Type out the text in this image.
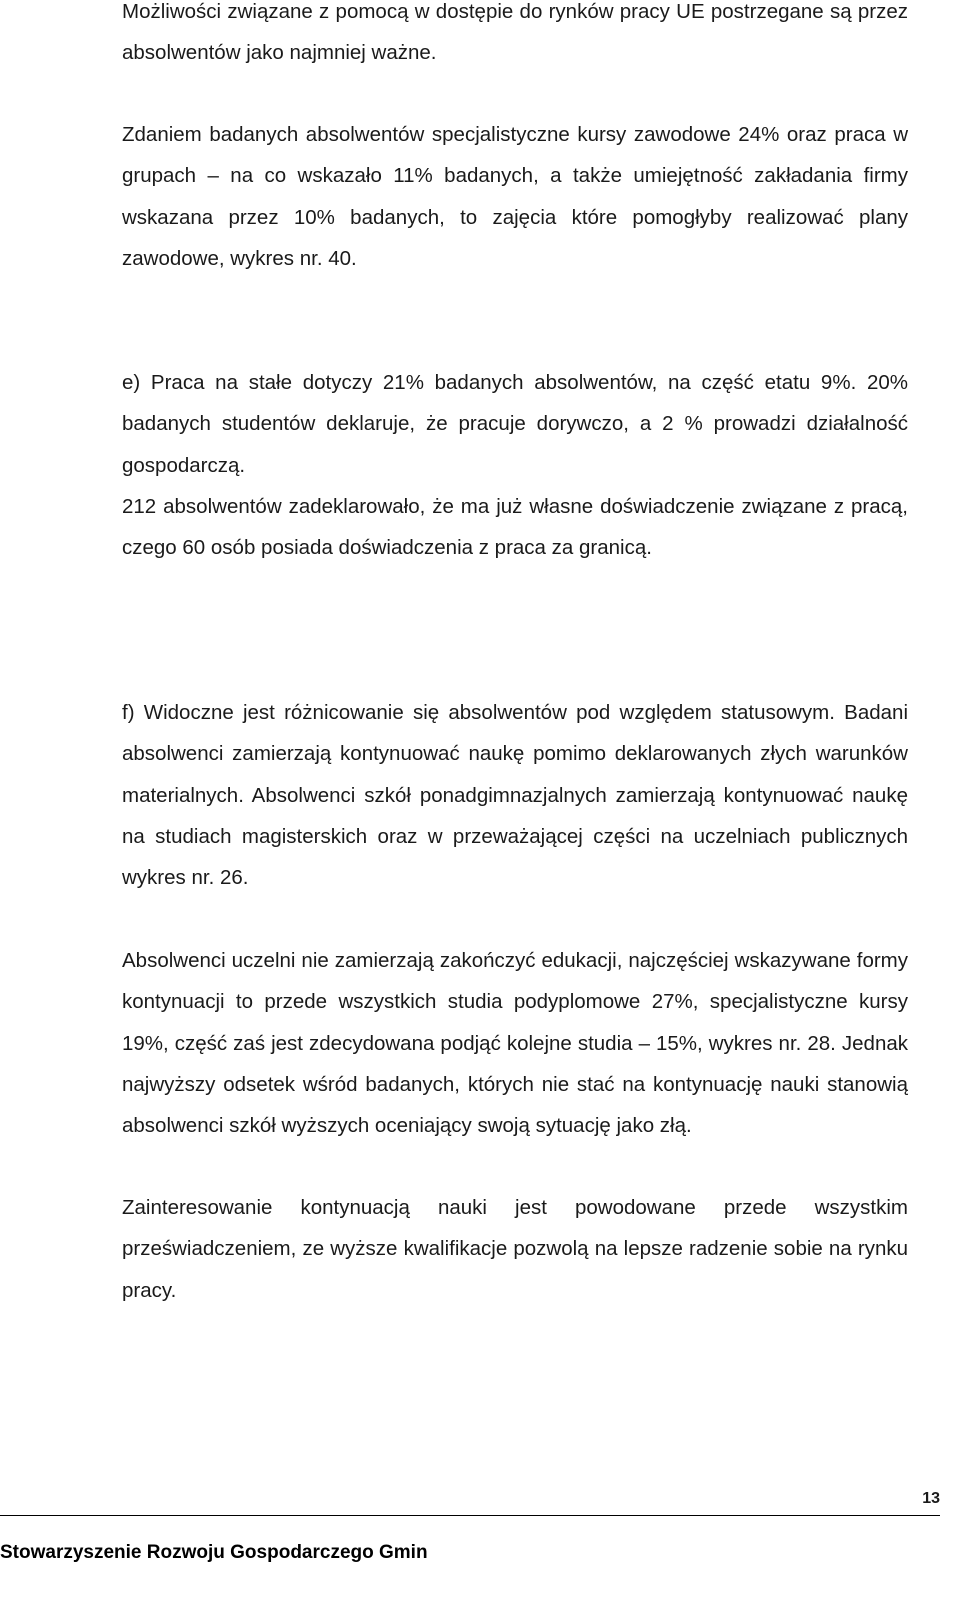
Możliwości związane z pomocą w dostępie do rynków pracy UE postrzegane są przez absolwentów jako najmniej ważne.

Zdaniem badanych absolwentów specjalistyczne kursy zawodowe 24% oraz praca w grupach – na co wskazało 11% badanych, a także umiejętność zakładania firmy wskazana przez 10% badanych, to zajęcia które pomogłyby realizować plany zawodowe, wykres nr. 40.

e) Praca na stałe dotyczy 21% badanych absolwentów, na część etatu 9%. 20% badanych studentów deklaruje, że pracuje dorywczo, a 2 % prowadzi działalność gospodarczą.

212 absolwentów zadeklarowało, że ma już własne doświadczenie związane z pracą, czego 60 osób posiada doświadczenia z praca za granicą.

f) Widoczne jest różnicowanie się absolwentów pod względem statusowym. Badani absolwenci zamierzają kontynuować naukę pomimo deklarowanych złych warunków materialnych. Absolwenci szkół ponadgimnazjalnych zamierzają kontynuować naukę na studiach magisterskich oraz w przeważającej części na uczelniach publicznych wykres nr. 26.

Absolwenci uczelni nie zamierzają zakończyć edukacji, najczęściej wskazywane formy kontynuacji to przede wszystkich studia podyplomowe 27%, specjalistyczne kursy 19%, część zaś jest zdecydowana podjąć kolejne studia – 15%, wykres nr. 28. Jednak najwyższy odsetek wśród badanych, których nie stać na kontynuację nauki stanowią absolwenci szkół wyższych oceniający swoją sytuację jako złą.

Zainteresowanie kontynuacją nauki jest powodowane przede wszystkim przeświadczeniem, ze wyższe kwalifikacje pozwolą na lepsze radzenie sobie na rynku pracy.

13
Stowarzyszenie Rozwoju Gospodarczego Gmin
